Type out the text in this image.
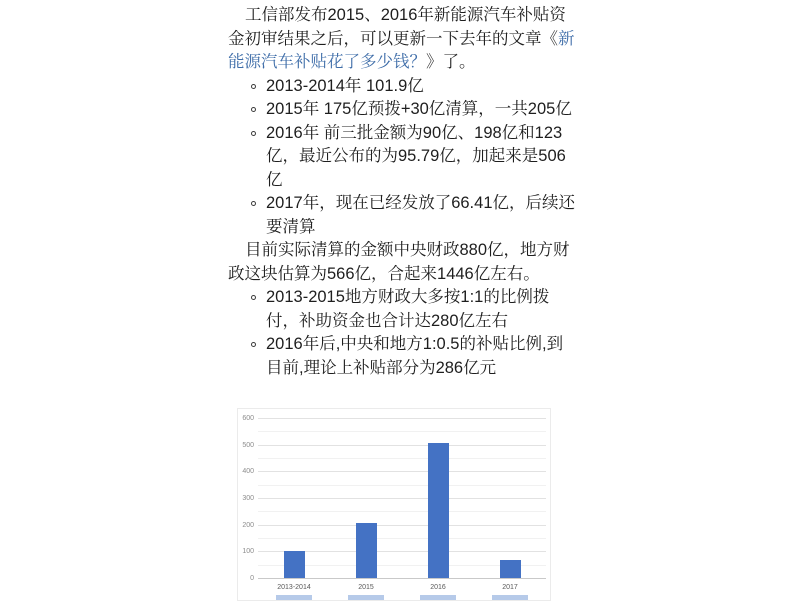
工信部发布2015、2016年新能源汽车补贴资金初审结果之后，可以更新一下去年的文章《新能源汽车补贴花了多少钱？》了。

2013-2014年 101.9亿
2015年 175亿预拨+30亿清算，一共205亿
2016年 前三批金额为90亿、198亿和123亿，最近公布的为95.79亿，加起来是506亿
2017年，现在已经发放了66.41亿，后续还要清算

目前实际清算的金额中央财政880亿，地方财政这块估算为566亿，合起来1446亿左右。

2013-2015地方财政大多按1:1的比例拨付，补助资金也合计达280亿左右
2016年后,中央和地方1:0.5的补贴比例,到目前,理论上补贴部分为286亿元
0
100
200
300
400
500
600
2013-2014	2015	2016	2017
